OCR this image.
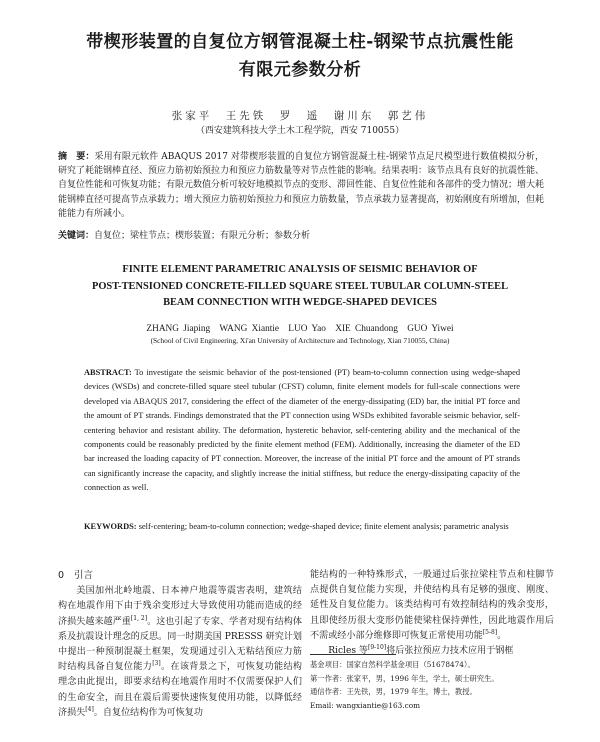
带楔形装置的自复位方钢管混凝土柱-钢梁节点抗震性能
有限元参数分析
张家平　王先铁　罗　遥　谢川东　郭艺伟
（西安建筑科技大学土木工程学院，西安 710055）
摘　要：采用有限元软件 ABAQUS 2017 对带楔形装置的自复位方钢管混凝土柱-钢梁节点足尺模型进行数值模拟分析，研究了耗能钢棒直径、预应力筋初始预拉力和预应力筋数量等对节点性能的影响。结果表明：该节点具有良好的抗震性能、自复位性能和可恢复功能；有限元数值分析可较好地模拟节点的变形、滞回性能、自复位性能和各部件的受力情况；增大耗能钢棒直径可提高节点承载力；增大预应力筋初始预拉力和预应力筋数量，节点承载力显著提高，初始刚度有所增加，但耗能能力有所减小。
关键词：自复位；梁柱节点；楔形装置；有限元分析；参数分析
FINITE ELEMENT PARAMETRIC ANALYSIS OF SEISMIC BEHAVIOR OF
POST-TENSIONED CONCRETE-FILLED SQUARE STEEL TUBULAR COLUMN-STEEL
BEAM CONNECTION WITH WEDGE-SHAPED DEVICES
ZHANG Jiaping　WANG Xiantie　LUO Yao　XIE Chuandong　GUO Yiwei
(School of Civil Engineering, Xi'an University of Architecture and Technology, Xian 710055, China)
ABSTRACT: To investigate the seismic behavior of the post-tensioned (PT) beam-to-column connection using wedge-shaped devices (WSDs) and concrete-filled square steel tubular (CFST) column, finite element models for full-scale connections were developed via ABAQUS 2017, considering the effect of the diameter of the energy-dissipating (ED) bar, the initial PT force and the amount of PT strands. Findings demonstrated that the PT connection using WSDs exhibited favorable seismic behavior, self-centering behavior and resistant ability. The deformation, hysteretic behavior, self-centering ability and the mechanical of the components could be reasonably predicted by the finite element method (FEM). Additionally, increasing the diameter of the ED bar increased the loading capacity of PT connection. Moreover, the increase of the initial PT force and the amount of PT strands can significantly increase the capacity, and slightly increase the initial stiffness, but reduce the energy-dissipating capacity of the connection as well.
KEYWORDS: self-centering; beam-to-column connection; wedge-shaped device; finite element analysis; parametric analysis
0 引言

美国加州北岭地震、日本神户地震等震害表明，建筑结构在地震作用下由于残余变形过大导致使用功能而造成的经济损失越来越严重[1, 2]。这也引起了专家、学者对现有结构体系及抗震设计理念的反思。同一时期美国 PRESSS 研究计划中提出一种预制混凝土框架，发现通过引入无粘结预应力筋时结构具备自复位能力[3]。在该背景之下，可恢复功能结构理念由此提出，即要求结构在地震作用时不仅需要保护人们的生命安全，而且在震后需要快速恢复使用功能，以降低经济损失[4]。自复位结构作为可恢复功

能结构的一种特殊形式，一般通过后张拉梁柱节点和柱脚节点提供自复位能力实现，并使结构具有足够的强度、刚度、延性及自复位能力。该类结构可有效控制结构的残余变形，且即使经历很大变形仍能使梁柱保持弹性，因此地震作用后不需或经小部分维修即可恢复正常使用功能[5-8]。

Ricles 等[9-10]将后张拉预应力技术应用于钢框

基金项目：国家自然科学基金项目（51678474）。
第一作者：张家平，男，1996 年生，学士，硕士研究生。
通信作者：王先铁，男，1979 年生，博士，教授。
Email: wangxiantie@163.com
